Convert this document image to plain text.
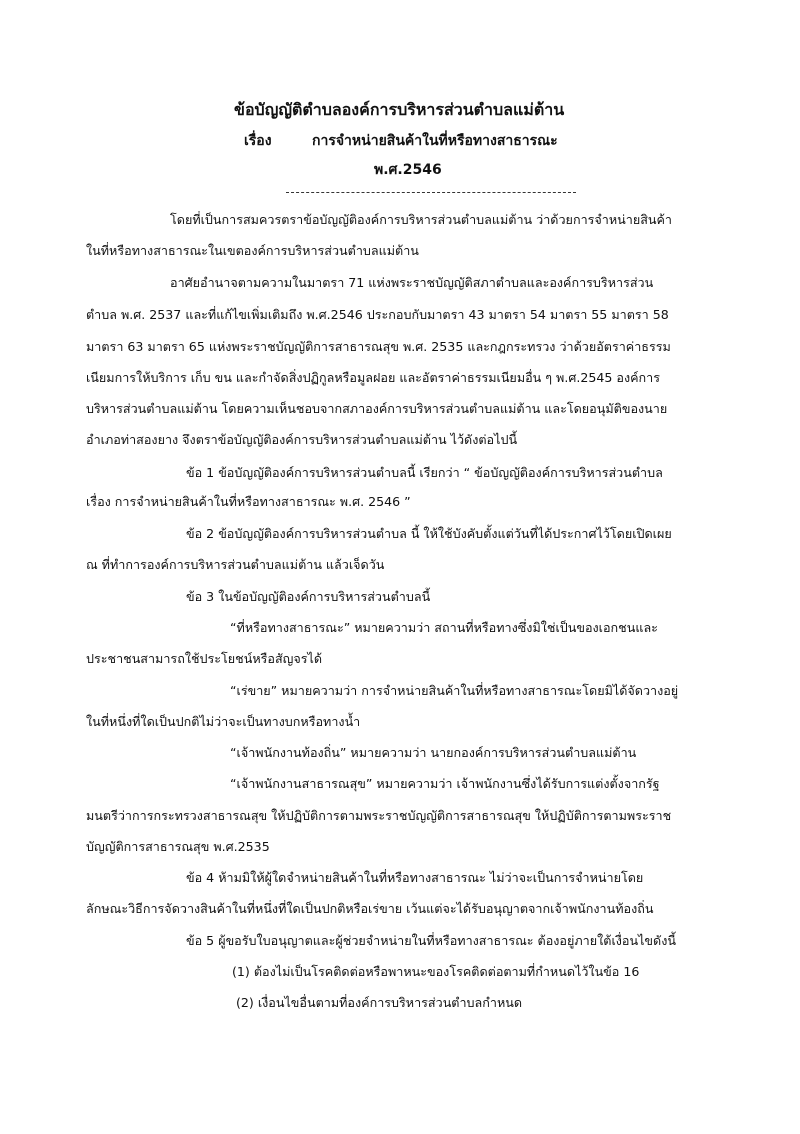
ข้อบัญญัติตำบลองค์การบริหารส่วนตำบลแม่ต้าน
เรื่อง	การจำหน่ายสินค้าในที่หรือทางสาธารณะ
พ.ศ.2546
โดยที่เป็นการสมควรตราข้อบัญญัติองค์การบริหารส่วนตำบลแม่ต้าน ว่าด้วยการจำหน่ายสินค้า
ในที่หรือทางสาธารณะในเขตองค์การบริหารส่วนตำบลแม่ต้าน
อาศัยอำนาจตามความในมาตรา 71 แห่งพระราชบัญญัติสภาตำบลและองค์การบริหารส่วน
ตำบล พ.ศ. 2537 และที่แก้ไขเพิ่มเติมถึง พ.ศ.2546 ประกอบกับมาตรา 43 มาตรา 54 มาตรา 55 มาตรา 58
มาตรา 63 มาตรา 65 แห่งพระราชบัญญัติการสาธารณสุข พ.ศ. 2535 และกฎกระทรวง ว่าด้วยอัตราค่าธรรม
เนียมการให้บริการ เก็บ ขน และกำจัดสิ่งปฏิกูลหรือมูลฝอย และอัตราค่าธรรมเนียมอื่น ๆ พ.ศ.2545 องค์การ
บริหารส่วนตำบลแม่ต้าน โดยความเห็นชอบจากสภาองค์การบริหารส่วนตำบลแม่ต้าน และโดยอนุมัติของนาย
อำเภอท่าสองยาง จึงตราข้อบัญญัติองค์การบริหารส่วนตำบลแม่ต้าน ไว้ดังต่อไปนี้
ข้อ 1 ข้อบัญญัติองค์การบริหารส่วนตำบลนี้ เรียกว่า “ ข้อบัญญัติองค์การบริหารส่วนตำบล
เรื่อง การจำหน่ายสินค้าในที่หรือทางสาธารณะ พ.ศ. 2546 ”
ข้อ 2 ข้อบัญญัติองค์การบริหารส่วนตำบล นี้ ให้ใช้บังคับตั้งแต่วันที่ได้ประกาศไว้โดยเปิดเผย
ณ ที่ทำการองค์การบริหารส่วนตำบลแม่ต้าน แล้วเจ็ดวัน
ข้อ 3 ในข้อบัญญัติองค์การบริหารส่วนตำบลนี้
“ที่หรือทางสาธารณะ” หมายความว่า สถานที่หรือทางซึ่งมิใช่เป็นของเอกชนและ
ประชาชนสามารถใช้ประโยชน์หรือสัญจรได้
“เร่ขาย” หมายความว่า การจำหน่ายสินค้าในที่หรือทางสาธารณะโดยมิได้จัดวางอยู่
ในที่หนึ่งที่ใดเป็นปกติไม่ว่าจะเป็นทางบกหรือทางน้ำ
“เจ้าพนักงานท้องถิ่น” หมายความว่า นายกองค์การบริหารส่วนตำบลแม่ต้าน
“เจ้าพนักงานสาธารณสุข” หมายความว่า เจ้าพนักงานซึ่งได้รับการแต่งตั้งจากรัฐ
มนตรีว่าการกระทรวงสาธารณสุข ให้ปฏิบัติการตามพระราชบัญญัติการสาธารณสุข ให้ปฏิบัติการตามพระราช
บัญญัติการสาธารณสุข พ.ศ.2535
ข้อ 4 ห้ามมิให้ผู้ใดจำหน่ายสินค้าในที่หรือทางสาธารณะ ไม่ว่าจะเป็นการจำหน่ายโดย
ลักษณะวิธีการจัดวางสินค้าในที่หนึ่งที่ใดเป็นปกติหรือเร่ขาย เว้นแต่จะได้รับอนุญาตจากเจ้าพนักงานท้องถิ่น
ข้อ 5 ผู้ขอรับใบอนุญาตและผู้ช่วยจำหน่ายในที่หรือทางสาธารณะ ต้องอยู่ภายใต้เงื่อนไขดังนี้
(1) ต้องไม่เป็นโรคติดต่อหรือพาหนะของโรคติดต่อตามที่กำหนดไว้ในข้อ 16
(2) เงื่อนไขอื่นตามที่องค์การบริหารส่วนตำบลกำหนด
